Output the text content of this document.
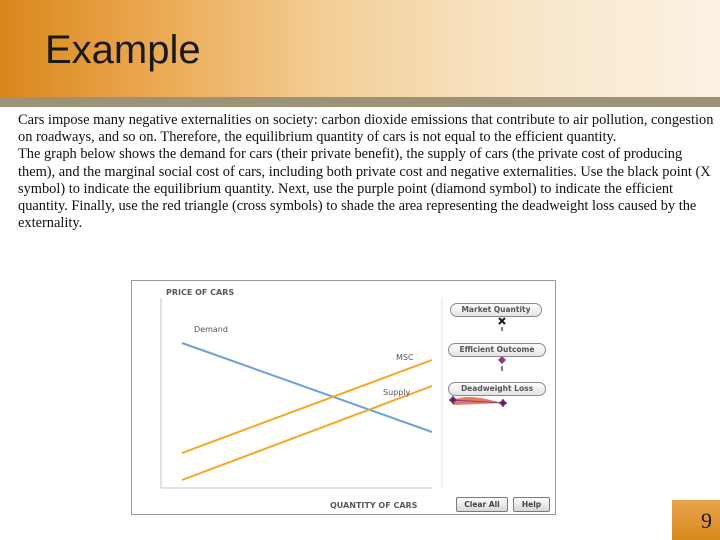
Example

Cars impose many negative externalities on society: carbon dioxide emissions that contribute to air pollution, congestion on roadways, and so on. Therefore, the equilibrium quantity of cars is not equal to the efficient quantity.

The graph below shows the demand for cars (their private benefit), the supply of cars (the private cost of producing them), and the marginal social cost of cars, including both private cost and negative externalities. Use the black point (X symbol) to indicate the equilibrium quantity. Next, use the purple point (diamond symbol) to indicate the efficient quantity. Finally, use the red triangle (cross symbols) to shade the area representing the deadweight loss caused by the externality.

PRICE OF CARS
QUANTITY OF CARS
Demand
MSC
Supply
Market Quantity
Efficient Outcome
Deadweight Loss
Clear All	Help
9
